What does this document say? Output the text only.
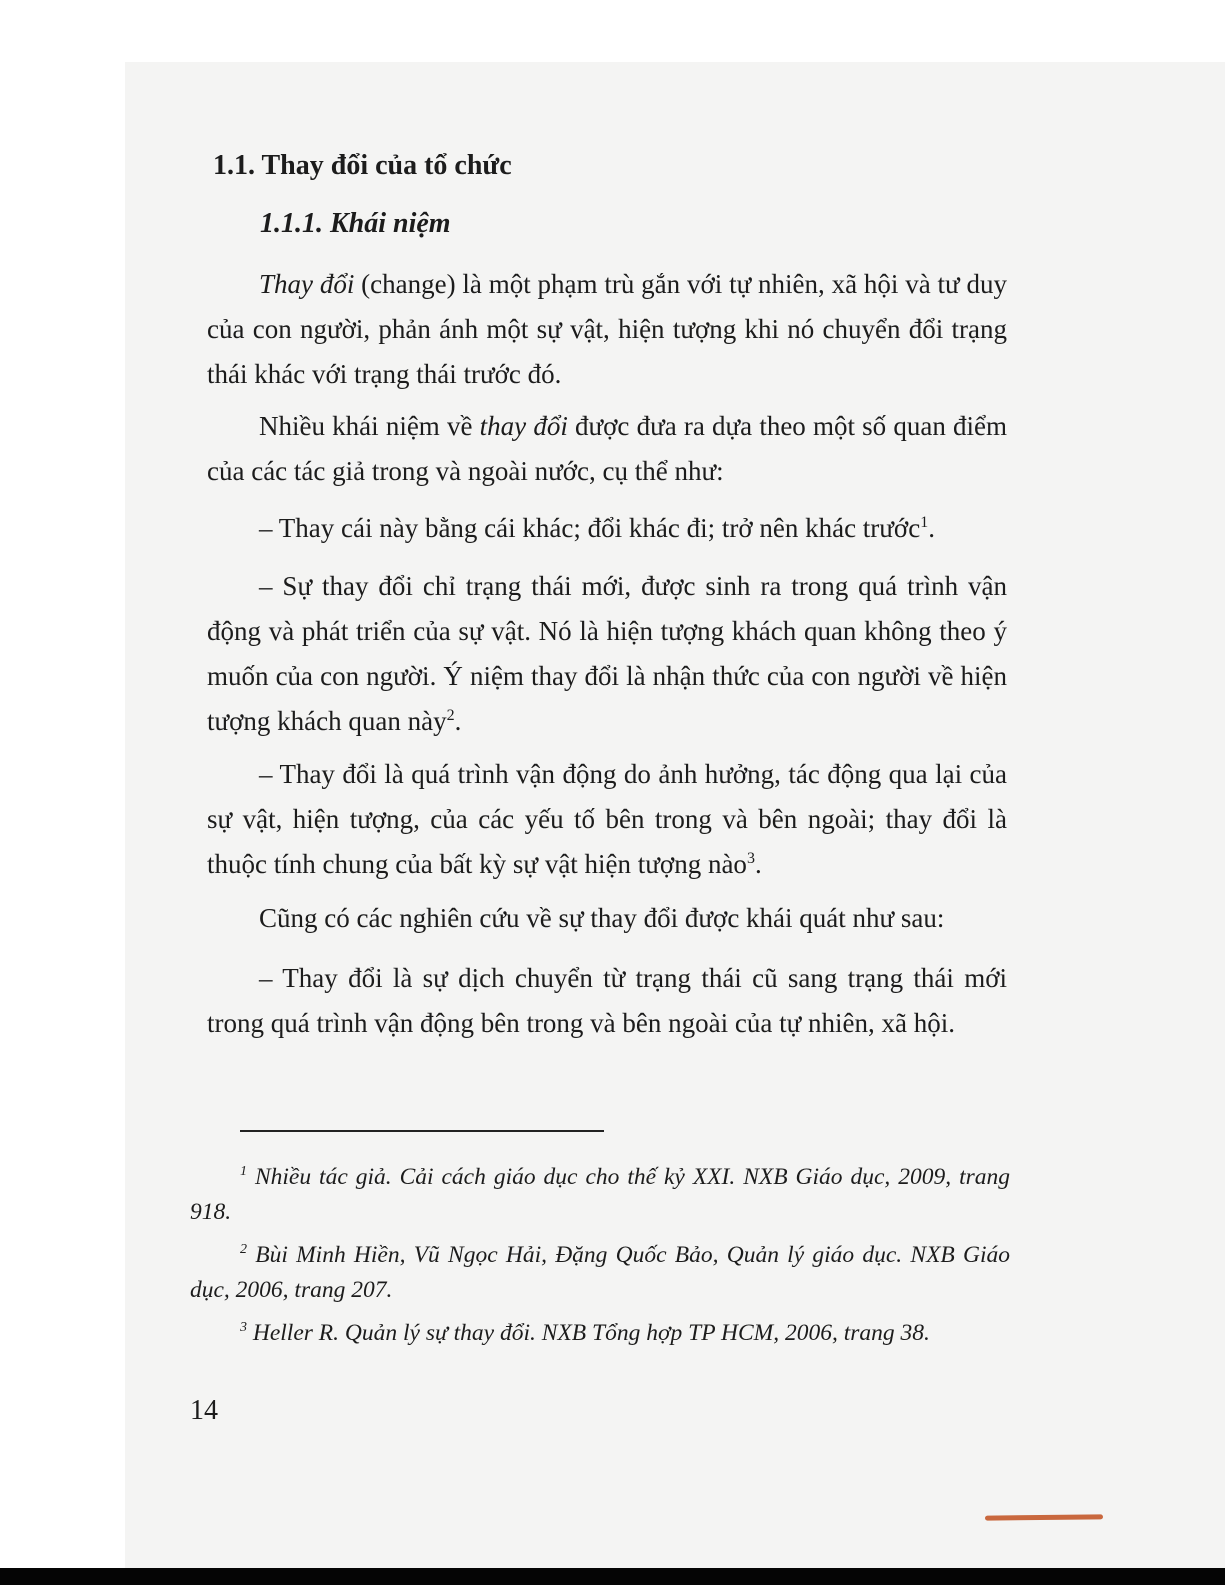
1.1. Thay đổi của tổ chức
1.1.1. Khái niệm

Thay đổi (change) là một phạm trù gắn với tự nhiên, xã hội và tư duy của con người, phản ánh một sự vật, hiện tượng khi nó chuyển đổi trạng thái khác với trạng thái trước đó.

Nhiều khái niệm về thay đổi được đưa ra dựa theo một số quan điểm của các tác giả trong và ngoài nước, cụ thể như:

– Thay cái này bằng cái khác; đổi khác đi; trở nên khác trước$^1$.

– Sự thay đổi chỉ trạng thái mới, được sinh ra trong quá trình vận động và phát triển của sự vật. Nó là hiện tượng khách quan không theo ý muốn của con người. Ý niệm thay đổi là nhận thức của con người về hiện tượng khách quan này$^2$.

– Thay đổi là quá trình vận động do ảnh hưởng, tác động qua lại của sự vật, hiện tượng, của các yếu tố bên trong và bên ngoài; thay đổi là thuộc tính chung của bất kỳ sự vật hiện tượng nào$^3$.

Cũng có các nghiên cứu về sự thay đổi được khái quát như sau:

– Thay đổi là sự dịch chuyển từ trạng thái cũ sang trạng thái mới trong quá trình vận động bên trong và bên ngoài của tự nhiên, xã hội.

$^1$ Nhiều tác giả. Cải cách giáo dục cho thế kỷ XXI. NXB Giáo dục, 2009, trang 918.

$^2$ Bùi Minh Hiền, Vũ Ngọc Hải, Đặng Quốc Bảo, Quản lý giáo dục. NXB Giáo dục, 2006, trang 207.

$^3$ Heller R. Quản lý sự thay đổi. NXB Tổng hợp TP HCM, 2006, trang 38.

14
